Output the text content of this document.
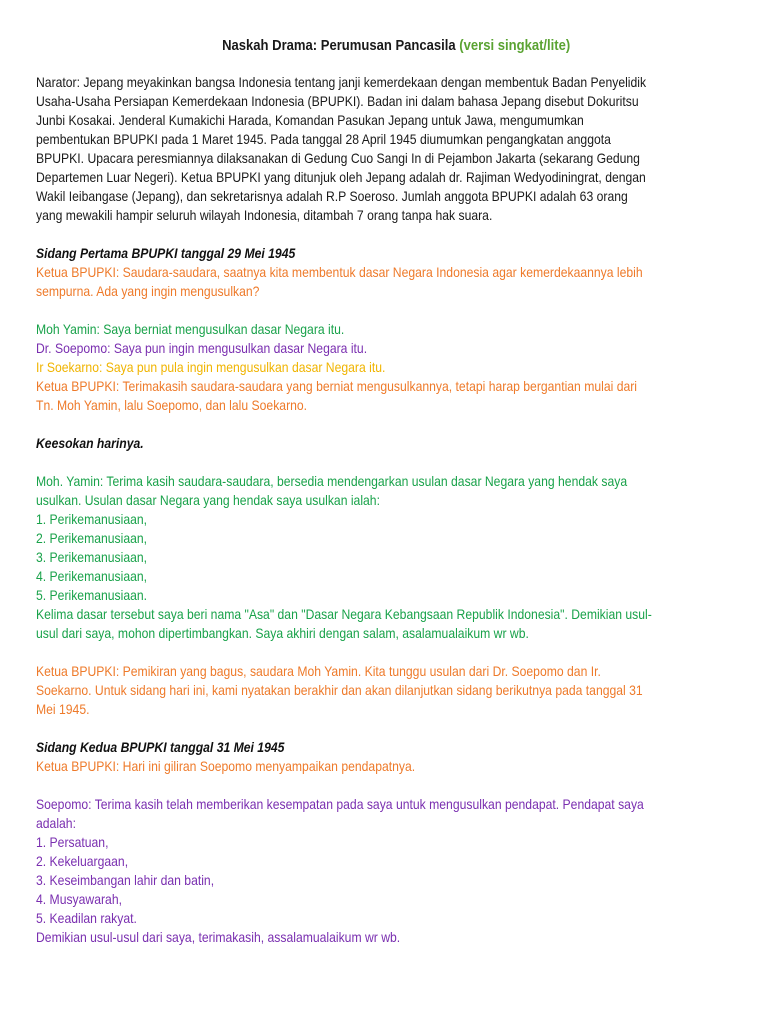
Naskah Drama: Perumusan Pancasila (versi singkat/lite)
Narator: Jepang meyakinkan bangsa Indonesia tentang janji kemerdekaan dengan membentuk Badan Penyelidik
Usaha-Usaha Persiapan Kemerdekaan Indonesia (BPUPKI). Badan ini dalam bahasa Jepang disebut Dokuritsu
Junbi Kosakai. Jenderal Kumakichi Harada, Komandan Pasukan Jepang untuk Jawa, mengumumkan
pembentukan BPUPKI pada 1 Maret 1945. Pada tanggal 28 April 1945 diumumkan pengangkatan anggota
BPUPKI. Upacara peresmiannya dilaksanakan di Gedung Cuo Sangi In di Pejambon Jakarta (sekarang Gedung
Departemen Luar Negeri). Ketua BPUPKI yang ditunjuk oleh Jepang adalah dr. Rajiman Wedyodiningrat, dengan
Wakil Ieibangase (Jepang), dan sekretarisnya adalah R.P Soeroso. Jumlah anggota BPUPKI adalah 63 orang
yang mewakili hampir seluruh wilayah Indonesia, ditambah 7 orang tanpa hak suara.
Sidang Pertama BPUPKI tanggal 29 Mei 1945
Ketua BPUPKI: Saudara-saudara, saatnya kita membentuk dasar Negara Indonesia agar kemerdekaannya lebih
sempurna. Ada yang ingin mengusulkan?
Moh Yamin: Saya berniat mengusulkan dasar Negara itu.
Dr. Soepomo: Saya pun ingin mengusulkan dasar Negara itu.
Ir Soekarno: Saya pun pula ingin mengusulkan dasar Negara itu.
Ketua BPUPKI: Terimakasih saudara-saudara yang berniat mengusulkannya, tetapi harap bergantian mulai dari
Tn. Moh Yamin, lalu Soepomo, dan lalu Soekarno.
Keesokan harinya.
Moh. Yamin: Terima kasih saudara-saudara, bersedia mendengarkan usulan dasar Negara yang hendak saya
usulkan. Usulan dasar Negara yang hendak saya usulkan ialah:
1. Perikemanusiaan,
2. Perikemanusiaan,
3. Perikemanusiaan,
4. Perikemanusiaan,
5. Perikemanusiaan.
Kelima dasar tersebut saya beri nama "Asa" dan "Dasar Negara Kebangsaan Republik Indonesia". Demikian usul-
usul dari saya, mohon dipertimbangkan. Saya akhiri dengan salam, asalamualaikum wr wb.
Ketua BPUPKI: Pemikiran yang bagus, saudara Moh Yamin. Kita tunggu usulan dari Dr. Soepomo dan Ir.
Soekarno. Untuk sidang hari ini, kami nyatakan berakhir dan akan dilanjutkan sidang berikutnya pada tanggal 31
Mei 1945.
Sidang Kedua BPUPKI tanggal 31 Mei 1945
Ketua BPUPKI: Hari ini giliran Soepomo menyampaikan pendapatnya.
Soepomo: Terima kasih telah memberikan kesempatan pada saya untuk mengusulkan pendapat. Pendapat saya
adalah:
1. Persatuan,
2. Kekeluargaan,
3. Keseimbangan lahir dan batin,
4. Musyawarah,
5. Keadilan rakyat.
Demikian usul-usul dari saya, terimakasih, assalamualaikum wr wb.
